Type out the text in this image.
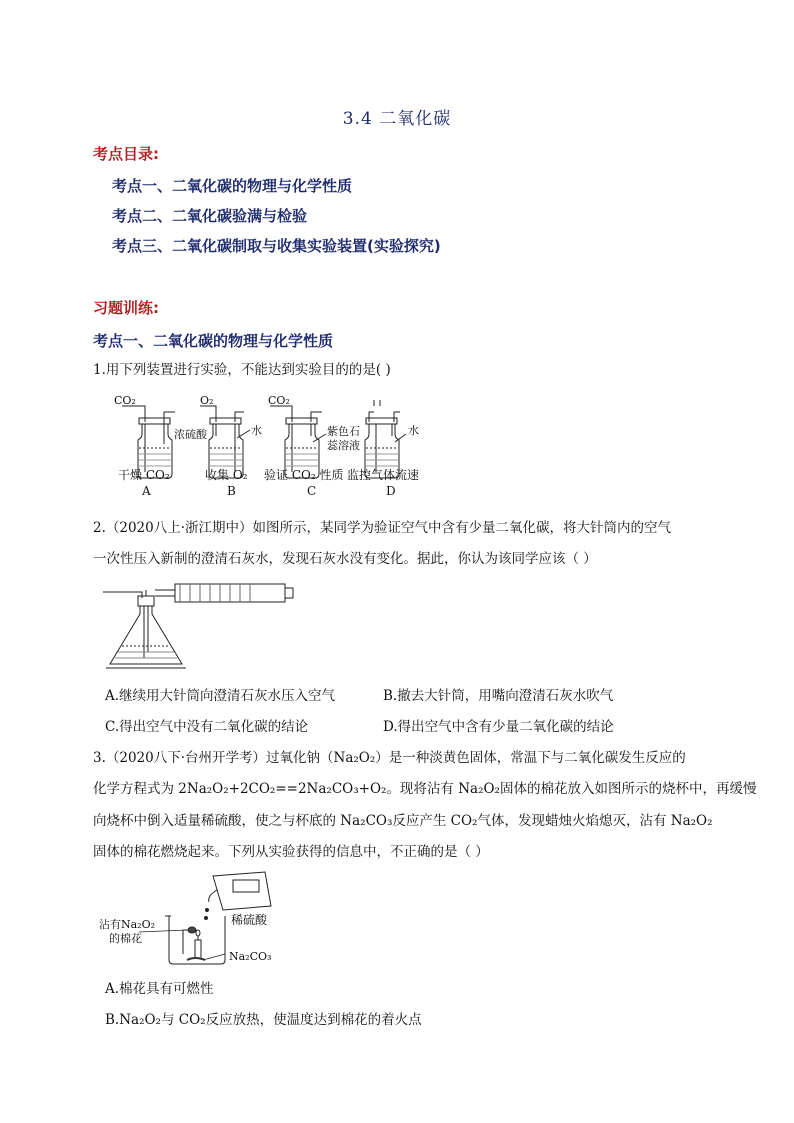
3.4 二氧化碳
考点目录:
考点一、二氧化碳的物理与化学性质
考点二、二氧化碳验满与检验
考点三、二氧化碳制取与收集实验装置(实验探究)
习题训练:
考点一、二氧化碳的物理与化学性质
1.用下列装置进行实验，不能达到实验目的的是( )
CO₂
浓硫酸
干燥 CO₂
A
O₂
水
收集 O₂
B
CO₂
紫色石
蕊溶液
验证 CO₂ 性质
C
水
监控气体流速
D
2.（2020八上·浙江期中）如图所示，某同学为验证空气中含有少量二氧化碳，将大针筒内的空气
一次性压入新制的澄清石灰水，发现石灰水没有变化。据此，你认为该同学应该（ ）
A.继续用大针筒向澄清石灰水压入空气	B.撤去大针筒，用嘴向澄清石灰水吹气
C.得出空气中没有二氧化碳的结论	D.得出空气中含有少量二氧化碳的结论
3.（2020八下·台州开学考）过氧化钠（Na₂O₂）是一种淡黄色固体，常温下与二氧化碳发生反应的
化学方程式为 2Na₂O₂+2CO₂==2Na₂CO₃+O₂。现将沾有 Na₂O₂固体的棉花放入如图所示的烧杯中，再缓慢
向烧杯中倒入适量稀硫酸，使之与杯底的 Na₂CO₃反应产生 CO₂气体，发现蜡烛火焰熄灭，沾有 Na₂O₂
固体的棉花燃烧起来。下列从实验获得的信息中，不正确的是（ ）
沾有Na₂O₂
的棉花
稀硫酸
Na₂CO₃
A.棉花具有可燃性
B.Na₂O₂与 CO₂反应放热，使温度达到棉花的着火点
